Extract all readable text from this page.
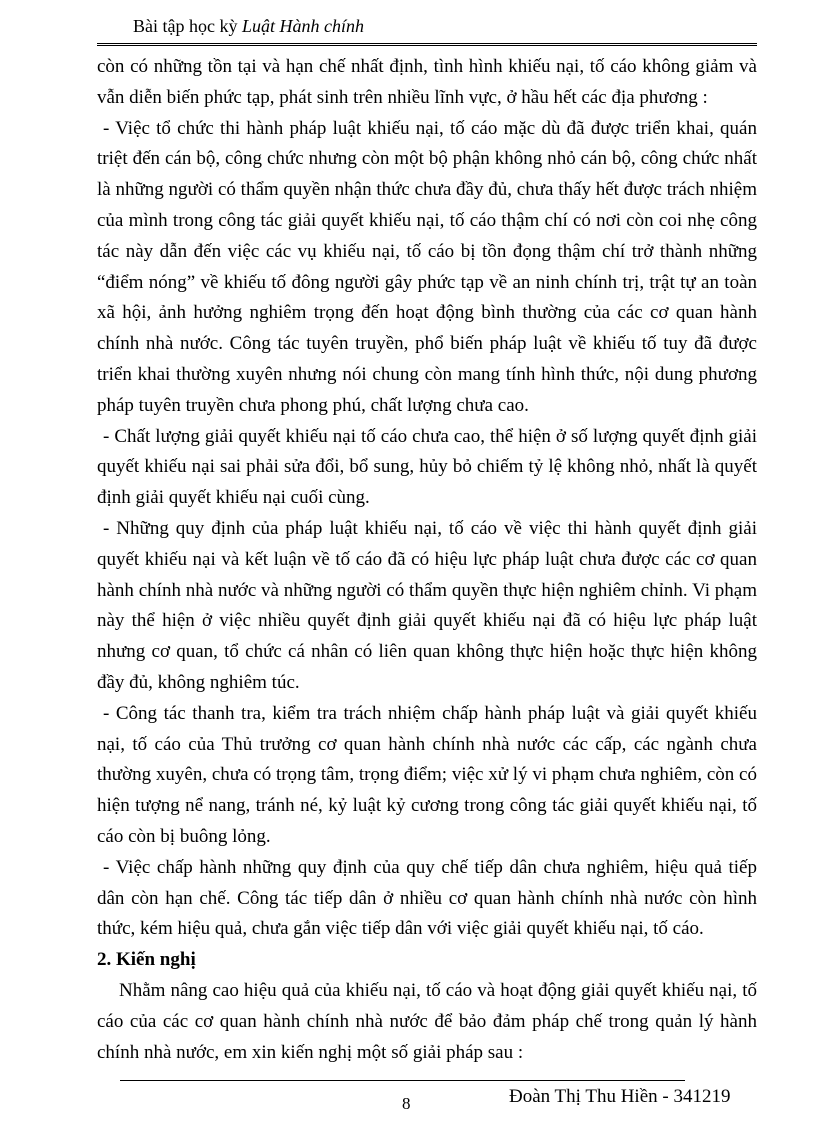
Bài tập học kỳ Luật Hành chính

còn có những tồn tại và hạn chế nhất định, tình hình khiếu nại, tố cáo không giảm và vẫn diễn biến phức tạp, phát sinh trên nhiều lĩnh vực, ở hầu hết các địa phương :

- Việc tổ chức thi hành pháp luật khiếu nại, tố cáo mặc dù đã được triển khai, quán triệt đến cán bộ, công chức nhưng còn một bộ phận không nhỏ cán bộ, công chức nhất là những người có thẩm quyền nhận thức chưa đầy đủ, chưa thấy hết được trách nhiệm của mình trong công tác giải quyết khiếu nại, tố cáo thậm chí có nơi còn coi nhẹ công tác này dẫn đến việc các vụ khiếu nại, tố cáo bị tồn đọng thậm chí trở thành những “điểm nóng” về khiếu tố đông người gây phức tạp về an ninh chính trị, trật tự an toàn xã hội, ảnh hưởng nghiêm trọng đến hoạt động bình thường của các cơ quan hành chính nhà nước. Công tác tuyên truyền, phổ biến pháp luật về khiếu tố tuy đã được triển khai thường xuyên nhưng nói chung còn mang tính hình thức, nội dung phương pháp tuyên truyền chưa phong phú, chất lượng chưa cao.

- Chất lượng giải quyết khiếu nại tố cáo chưa cao, thể hiện ở số lượng quyết định giải quyết khiếu nại sai phải sửa đổi, bổ sung, hủy bỏ chiếm tỷ lệ không nhỏ, nhất là quyết định giải quyết khiếu nại cuối cùng.

- Những quy định của pháp luật khiếu nại, tố cáo về việc thi hành quyết định giải quyết khiếu nại và kết luận về tố cáo đã có hiệu lực pháp luật chưa được các cơ quan hành chính nhà nước và những người có thẩm quyền thực hiện nghiêm chỉnh. Vi phạm này thể hiện ở việc nhiều quyết định giải quyết khiếu nại đã có hiệu lực pháp luật nhưng cơ quan, tổ chức cá nhân có liên quan không thực hiện hoặc thực hiện không đầy đủ, không nghiêm túc.

- Công tác thanh tra, kiểm tra trách nhiệm chấp hành pháp luật và giải quyết khiếu nại, tố cáo của Thủ trưởng cơ quan hành chính nhà nước các cấp, các ngành chưa thường xuyên, chưa có trọng tâm, trọng điểm; việc xử lý vi phạm chưa nghiêm, còn có hiện tượng nể nang, tránh né, kỷ luật kỷ cương trong công tác giải quyết khiếu nại, tố cáo còn bị buông lỏng.

- Việc chấp hành những quy định của quy chế tiếp dân chưa nghiêm, hiệu quả tiếp dân còn hạn chế. Công tác tiếp dân ở nhiều cơ quan hành chính nhà nước còn hình thức, kém hiệu quả, chưa gắn việc tiếp dân với việc giải quyết khiếu nại, tố cáo.

2. Kiến nghị

Nhằm nâng cao hiệu quả của khiếu nại, tố cáo và hoạt động giải quyết khiếu nại, tố cáo của các cơ quan hành chính nhà nước để bảo đảm pháp chế trong quản lý hành chính nhà nước, em xin kiến nghị một số giải pháp sau :

8	Đoàn Thị Thu Hiền - 341219
